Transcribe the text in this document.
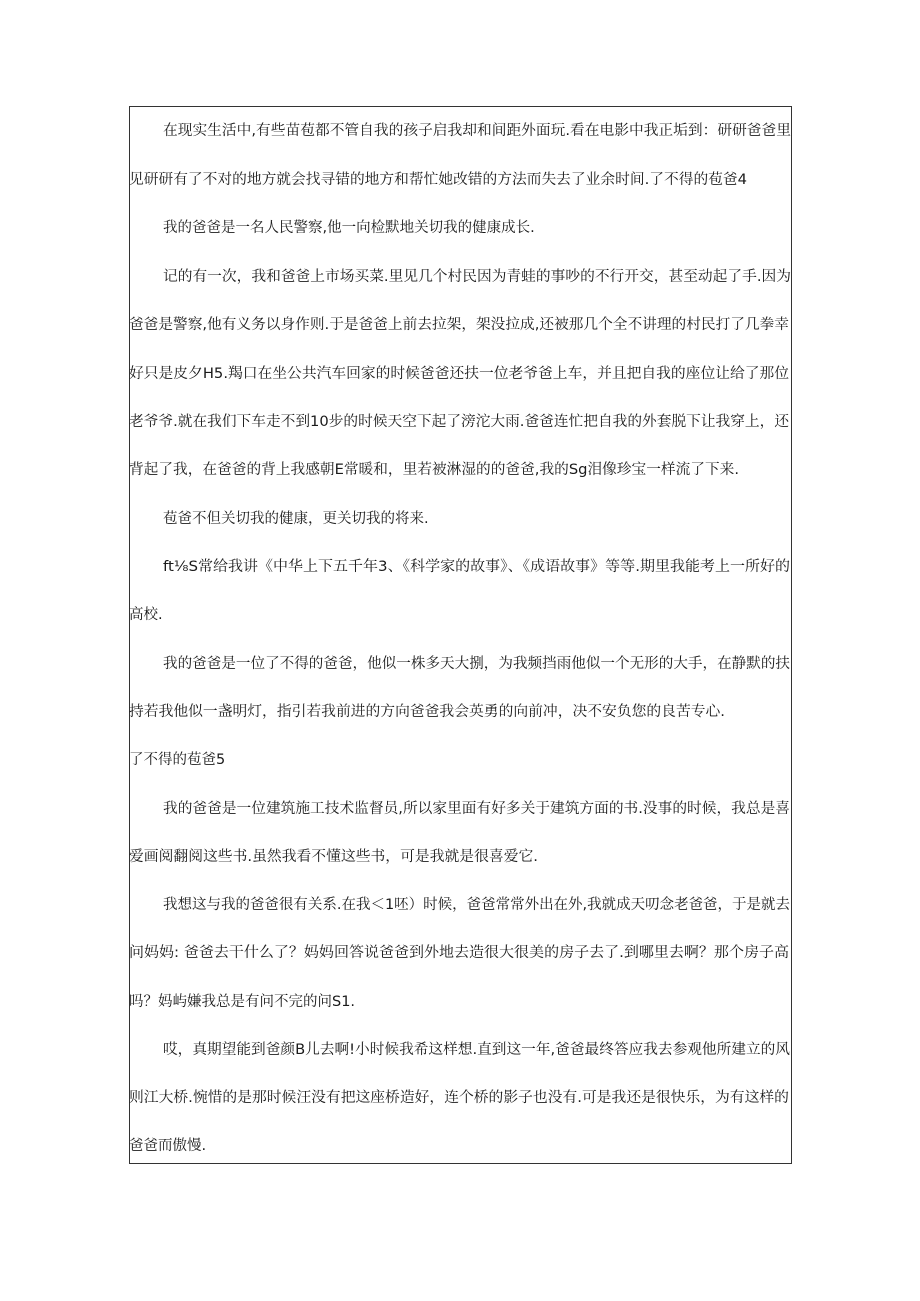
在现实生活中,有些苗苞都不管自我的孩子启我却和间距外面玩.看在电影中我正垢到：研研爸爸里
见研研有了不对的地方就会找寻错的地方和帮忙她改错的方法而失去了业余时间.了不得的苞爸4
我的爸爸是一名人民警察,他一向检默地关切我的健康成长.
记的有一次，我和爸爸上市场买菜.里见几个村民因为青蛙的事吵的不行开交，甚至动起了手.因为
爸爸是警察,他有义务以身作则.于是爸爸上前去拉架，架没拉成,还被那几个全不讲理的村民打了几拳幸
好只是皮夕H5.羯口在坐公共汽车回家的时候爸爸还扶一位老爷爸上车，并且把自我的座位让给了那位
老爷爷.就在我们下车走不到10步的时候天空下起了滂沱大雨.爸爸连忙把自我的外套脱下让我穿上，还
背起了我，在爸爸的背上我感朝E常暖和，里若被淋湿的的爸爸,我的Sg泪像珍宝一样流了下来.
苞爸不但关切我的健康，更关切我的将来.
ft⅛S常给我讲《中华上下五千年3、《科学家的故事》、《成语故事》等等.期里我能考上一所好的
高校.
我的爸爸是一位了不得的爸爸，他似一株多天大捌，为我频挡雨他似一个无形的大手，在静默的扶
持若我他似一盏明灯，指引若我前进的方向爸爸我会英勇的向前冲，决不安负您的良苦专心.
了不得的苞爸5
我的爸爸是一位建筑施工技术监督员,所以家里面有好多关于建筑方面的书.没事的时候，我总是喜
爱画阅翻阅这些书.虽然我看不懂这些书，可是我就是很喜爱它.
我想这与我的爸爸很有关系.在我＜1呸）时候，爸爸常常外出在外,我就成天叨念老爸爸，于是就去
问妈妈: 爸爸去干什么了？妈妈回答说爸爸到外地去造很大很美的房子去了.到哪里去啊？那个房子高
吗？妈屿嫌我总是有问不完的问S1.
哎，真期望能到爸颜B儿去啊!小时候我希这样想.直到这一年,爸爸最终答应我去参观他所建立的风
则江大桥.惋惜的是那时候汪没有把这座桥造好，连个桥的影子也没有.可是我还是很快乐，为有这样的
爸爸而傲慢.
